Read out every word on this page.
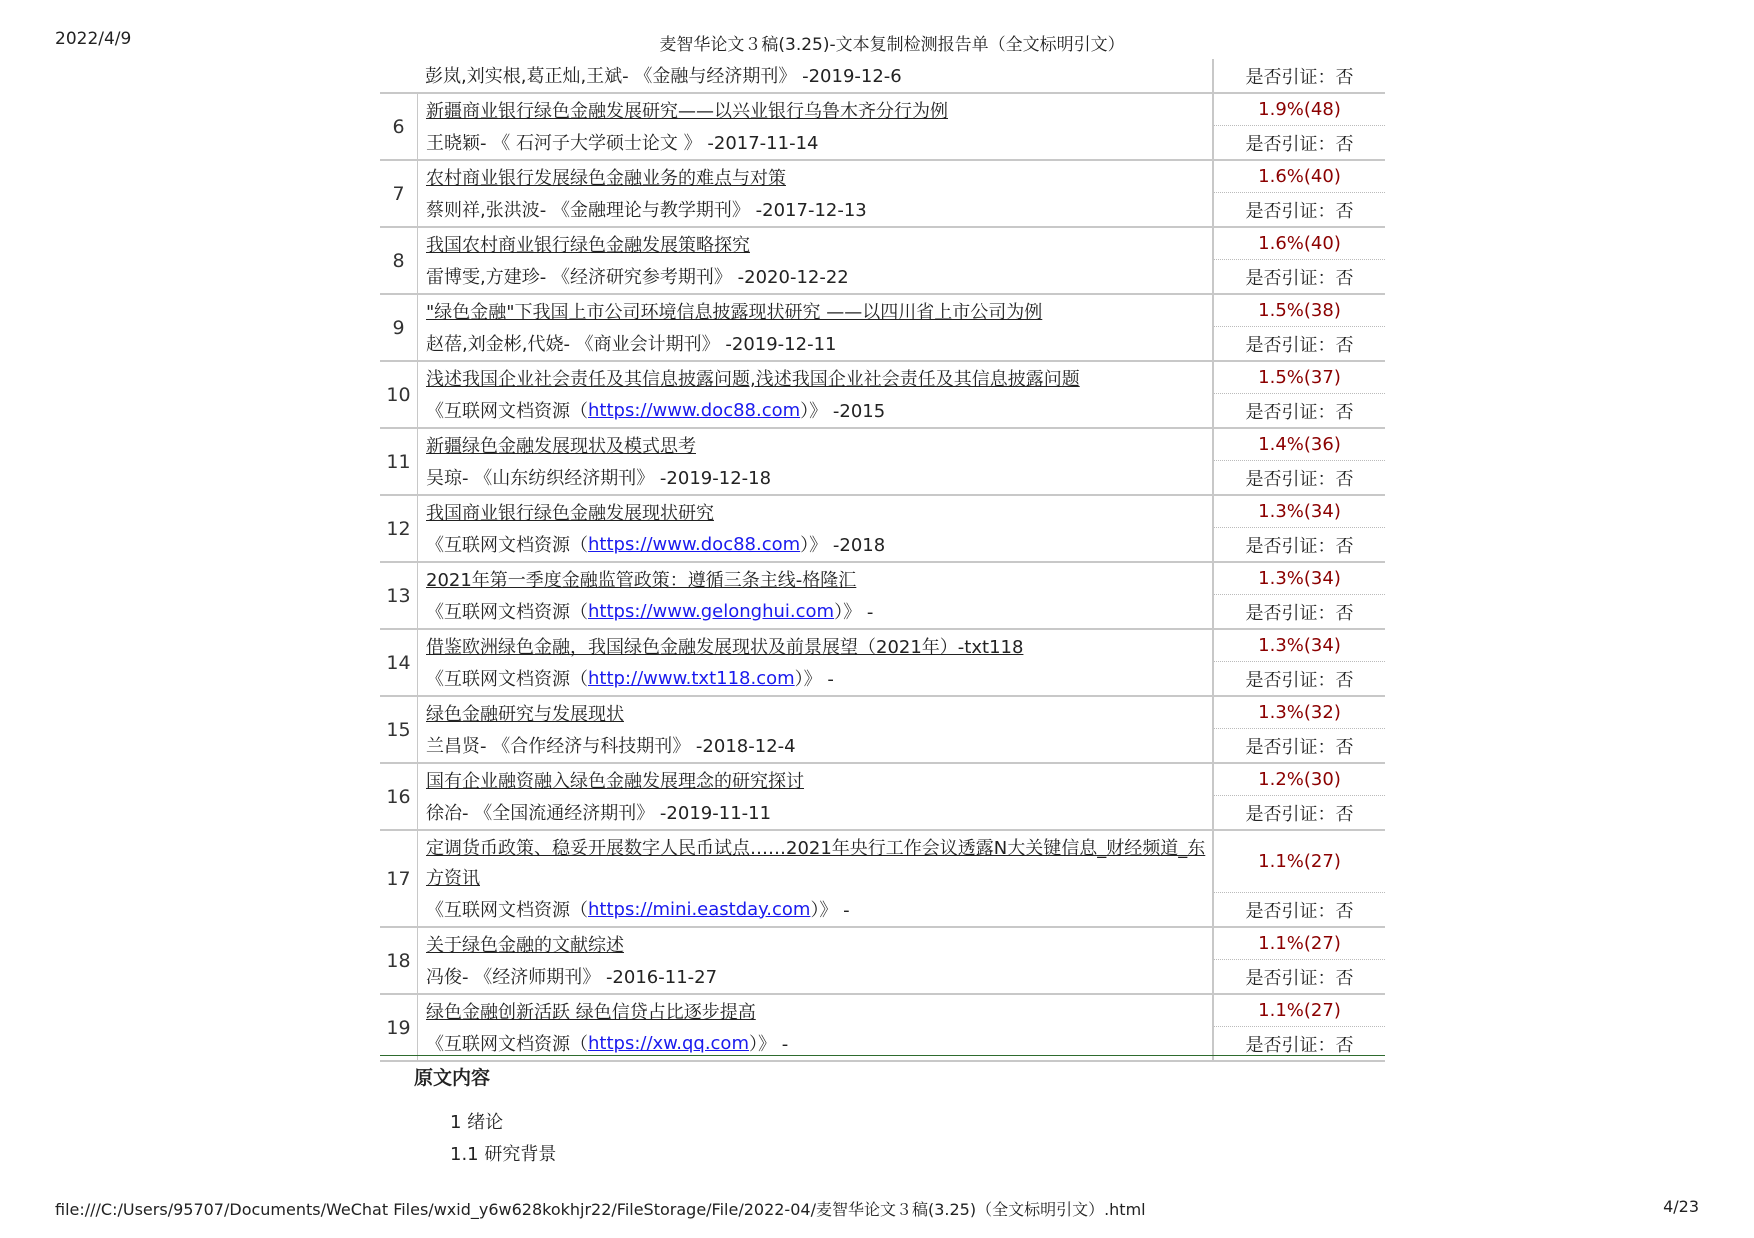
2022/4/9	麦智华论文３稿(3.25)-文本复制检测报告单（全文标明引文）
彭岚,刘实根,葛正灿,王斌- 《金融与经济期刊》 -2019-12-6	是否引证：否
6
新疆商业银行绿色金融发展研究——以兴业银行乌鲁木齐分行为例
王晓颖- 《 石河子大学硕士论文 》 -2017-11-14
1.9%(48)
是否引证：否
7
农村商业银行发展绿色金融业务的难点与对策
蔡则祥,张洪波- 《金融理论与教学期刊》 -2017-12-13
1.6%(40)
是否引证：否
8
我国农村商业银行绿色金融发展策略探究
雷博雯,方建珍- 《经济研究参考期刊》 -2020-12-22
1.6%(40)
是否引证：否
9
"绿色金融"下我国上市公司环境信息披露现状研究 ——以四川省上市公司为例
赵蓓,刘金彬,代娆- 《商业会计期刊》 -2019-12-11
1.5%(38)
是否引证：否
10
浅述我国企业社会责任及其信息披露问题,浅述我国企业社会责任及其信息披露问题
《互联网文档资源（ https://www.doc88.com ）》 -2015
1.5%(37)
是否引证：否
11
新疆绿色金融发展现状及模式思考
吴琼- 《山东纺织经济期刊》 -2019-12-18
1.4%(36)
是否引证：否
12
我国商业银行绿色金融发展现状研究
《互联网文档资源（ https://www.doc88.com ）》 -2018
1.3%(34)
是否引证：否
13
2021年第一季度金融监管政策：遵循三条主线-格隆汇
《互联网文档资源（ https://www.gelonghui.com ）》 -
1.3%(34)
是否引证：否
14
借鉴欧洲绿色金融，我国绿色金融发展现状及前景展望（2021年）-txt118
《互联网文档资源（ http://www.txt118.com ）》 -
1.3%(34)
是否引证：否
15
绿色金融研究与发展现状
兰昌贤- 《合作经济与科技期刊》 -2018-12-4
1.3%(32)
是否引证：否
16
国有企业融资融入绿色金融发展理念的研究探讨
徐冶- 《全国流通经济期刊》 -2019-11-11
1.2%(30)
是否引证：否
17
定调货币政策、稳妥开展数字人民币试点……2021年央行工作会议透露N大关键信息_财经频道_东方资讯
《互联网文档资源（ https://mini.eastday.com ）》 -
1.1%(27)
是否引证：否
18
关于绿色金融的文献综述
冯俊- 《经济师期刊》 -2016-11-27
1.1%(27)
是否引证：否
19
绿色金融创新活跃 绿色信贷占比逐步提高
《互联网文档资源（ https://xw.qq.com ）》 -
1.1%(27)
是否引证：否
原文内容
1 绪论
1.1 研究背景
file:///C:/Users/95707/Documents/WeChat Files/wxid_y6w628kokhjr22/FileStorage/File/2022-04/麦智华论文３稿(3.25)（全文标明引文）.html	4/23
